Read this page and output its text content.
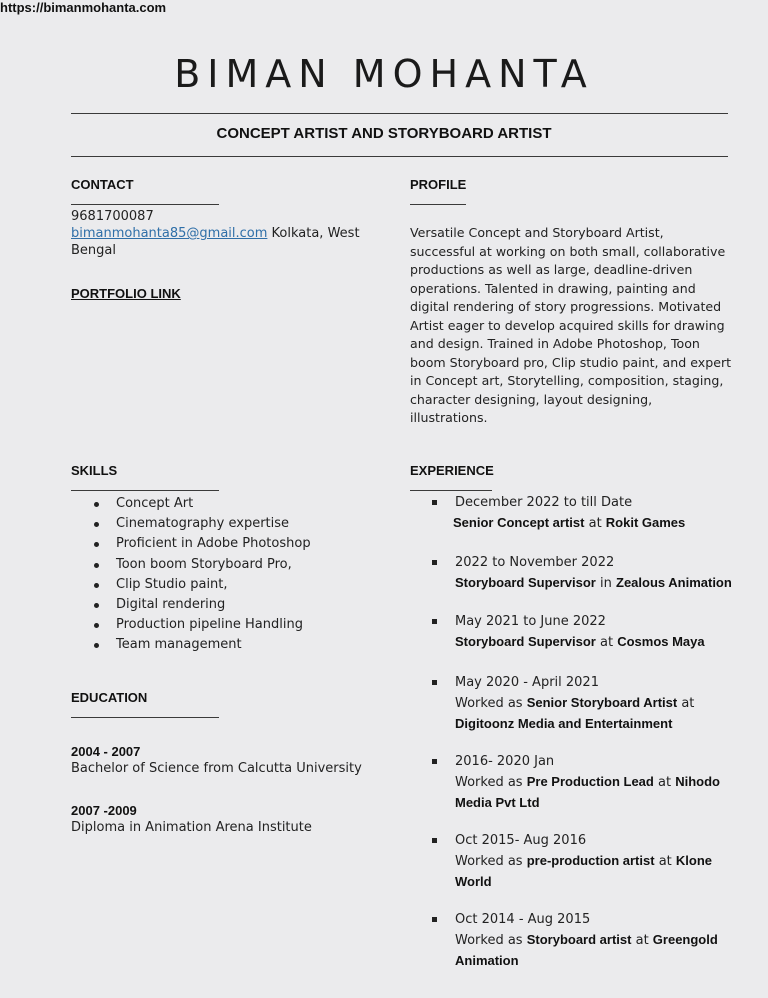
BIMAN MOHANTA
CONCEPT ARTIST AND STORYBOARD ARTIST
CONTACT
9681700087
bimanmohanta85@gmail.com Kolkata, West Bengal
PORTFOLIO LINK
https://bimanmohanta.com
PROFILE
Versatile Concept and Storyboard Artist, successful at working on both small, collaborative productions as well as large, deadline-driven operations. Talented in drawing, painting and digital rendering of story progressions. Motivated Artist eager to develop acquired skills for drawing and design. Trained in Adobe Photoshop, Toon boom Storyboard pro, Clip studio paint, and expert in Concept art, Storytelling, composition, staging, character designing, layout designing, illustrations.
SKILLS
Concept Art
Cinematography expertise
Proficient in Adobe Photoshop
Toon boom Storyboard Pro,
Clip Studio paint,
Digital rendering
Production pipeline Handling
Team management
EDUCATION
2004 - 2007
Bachelor of Science from Calcutta University
2007 -2009
Diploma in Animation Arena Institute
EXPERIENCE
December 2022 to till Date
Senior Concept artist at Rokit Games
2022 to November 2022
Storyboard Supervisor in Zealous Animation
May 2021 to June 2022
Storyboard Supervisor at Cosmos Maya
May 2020 - April 2021
Worked as Senior Storyboard Artist at Digitoonz Media and Entertainment
2016- 2020 Jan
Worked as Pre Production Lead at Nihodo Media Pvt Ltd
Oct 2015- Aug 2016
Worked as pre-production artist at Klone World
Oct 2014 - Aug 2015
Worked as Storyboard artist at Greengold Animation
